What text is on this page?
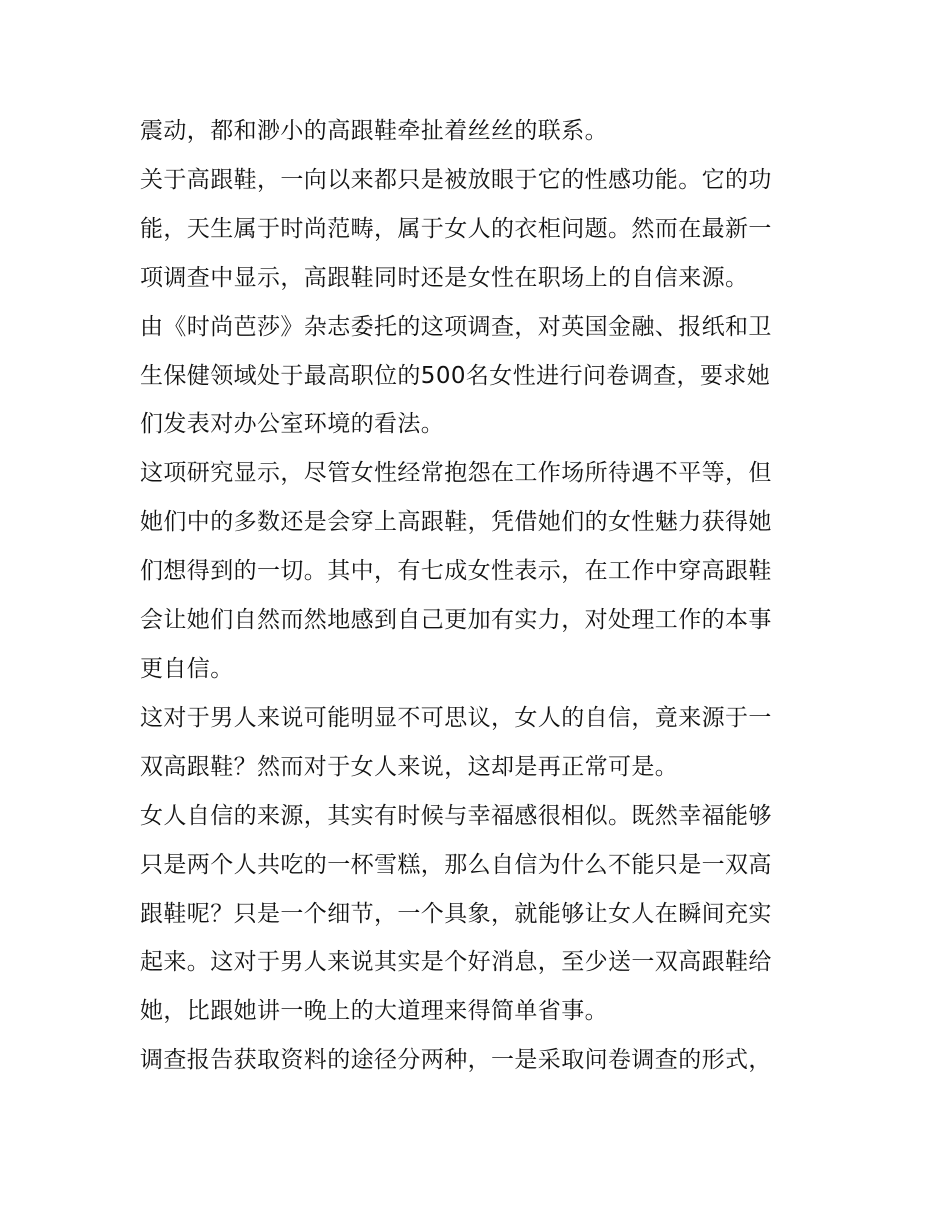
震动，都和渺小的高跟鞋牵扯着丝丝的联系。

关于高跟鞋，一向以来都只是被放眼于它的性感功能。它的功
能，天生属于时尚范畴，属于女人的衣柜问题。然而在最新一
项调查中显示，高跟鞋同时还是女性在职场上的自信来源。

由《时尚芭莎》杂志委托的这项调查，对英国金融、报纸和卫
生保健领域处于最高职位的500名女性进行问卷调查，要求她
们发表对办公室环境的看法。

这项研究显示，尽管女性经常抱怨在工作场所待遇不平等，但
她们中的多数还是会穿上高跟鞋，凭借她们的女性魅力获得她
们想得到的一切。其中，有七成女性表示，在工作中穿高跟鞋
会让她们自然而然地感到自己更加有实力，对处理工作的本事
更自信。

这对于男人来说可能明显不可思议，女人的自信，竟来源于一
双高跟鞋？然而对于女人来说，这却是再正常可是。

女人自信的来源，其实有时候与幸福感很相似。既然幸福能够
只是两个人共吃的一杯雪糕，那么自信为什么不能只是一双高
跟鞋呢？只是一个细节，一个具象，就能够让女人在瞬间充实
起来。这对于男人来说其实是个好消息，至少送一双高跟鞋给
她，比跟她讲一晚上的大道理来得简单省事。

调查报告获取资料的途径分两种，一是采取问卷调查的形式，
